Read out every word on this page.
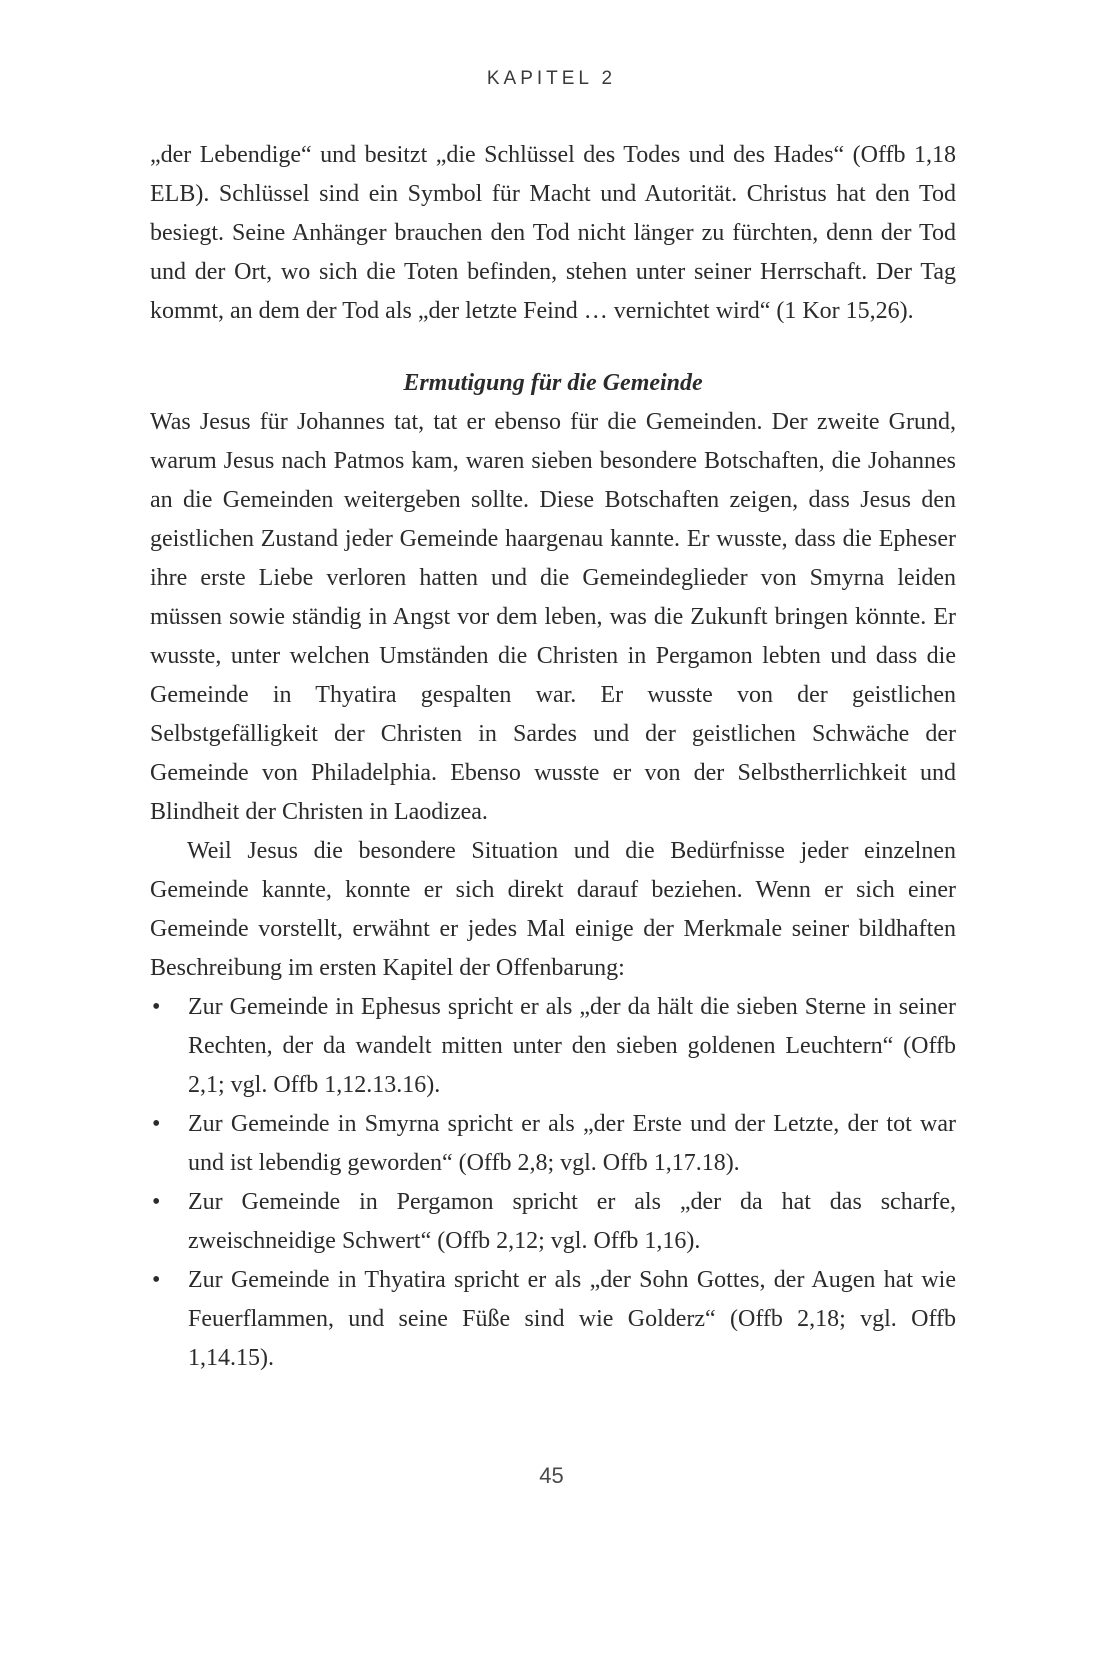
KAPITEL 2

„der Lebendige“ und besitzt „die Schlüssel des Todes und des Hades“ (Offb 1,18 ELB). Schlüssel sind ein Symbol für Macht und Autorität. Christus hat den Tod besiegt. Seine Anhänger brauchen den Tod nicht länger zu fürchten, denn der Tod und der Ort, wo sich die Toten befinden, stehen unter seiner Herrschaft. Der Tag kommt, an dem der Tod als „der letzte Feind … vernichtet wird“ (1 Kor 15,26).

Ermutigung für die Gemeinde

Was Jesus für Johannes tat, tat er ebenso für die Gemeinden. Der zweite Grund, warum Jesus nach Patmos kam, waren sieben besondere Botschaften, die Johannes an die Gemeinden weitergeben sollte. Diese Botschaften zeigen, dass Jesus den geistlichen Zustand jeder Gemeinde haargenau kannte. Er wusste, dass die Epheser ihre erste Liebe verloren hatten und die Gemeindeglieder von Smyrna leiden müssen sowie ständig in Angst vor dem leben, was die Zukunft bringen könnte. Er wusste, unter welchen Umständen die Christen in Pergamon lebten und dass die Gemeinde in Thyatira gespalten war. Er wusste von der geistlichen Selbstgefälligkeit der Christen in Sardes und der geistlichen Schwäche der Gemeinde von Philadelphia. Ebenso wusste er von der Selbstherrlichkeit und Blindheit der Christen in Laodizea.

Weil Jesus die besondere Situation und die Bedürfnisse jeder einzelnen Gemeinde kannte, konnte er sich direkt darauf beziehen. Wenn er sich einer Gemeinde vorstellt, erwähnt er jedes Mal einige der Merkmale seiner bildhaften Beschreibung im ersten Kapitel der Offenbarung:

• Zur Gemeinde in Ephesus spricht er als „der da hält die sieben Sterne in seiner Rechten, der da wandelt mitten unter den sieben goldenen Leuchtern“ (Offb 2,1; vgl. Offb 1,12.13.16).
• Zur Gemeinde in Smyrna spricht er als „der Erste und der Letzte, der tot war und ist lebendig geworden“ (Offb 2,8; vgl. Offb 1,17.18).
• Zur Gemeinde in Pergamon spricht er als „der da hat das scharfe, zweischneidige Schwert“ (Offb 2,12; vgl. Offb 1,16).
• Zur Gemeinde in Thyatira spricht er als „der Sohn Gottes, der Augen hat wie Feuerflammen, und seine Füße sind wie Golderz“ (Offb 2,18; vgl. Offb 1,14.15).
45
